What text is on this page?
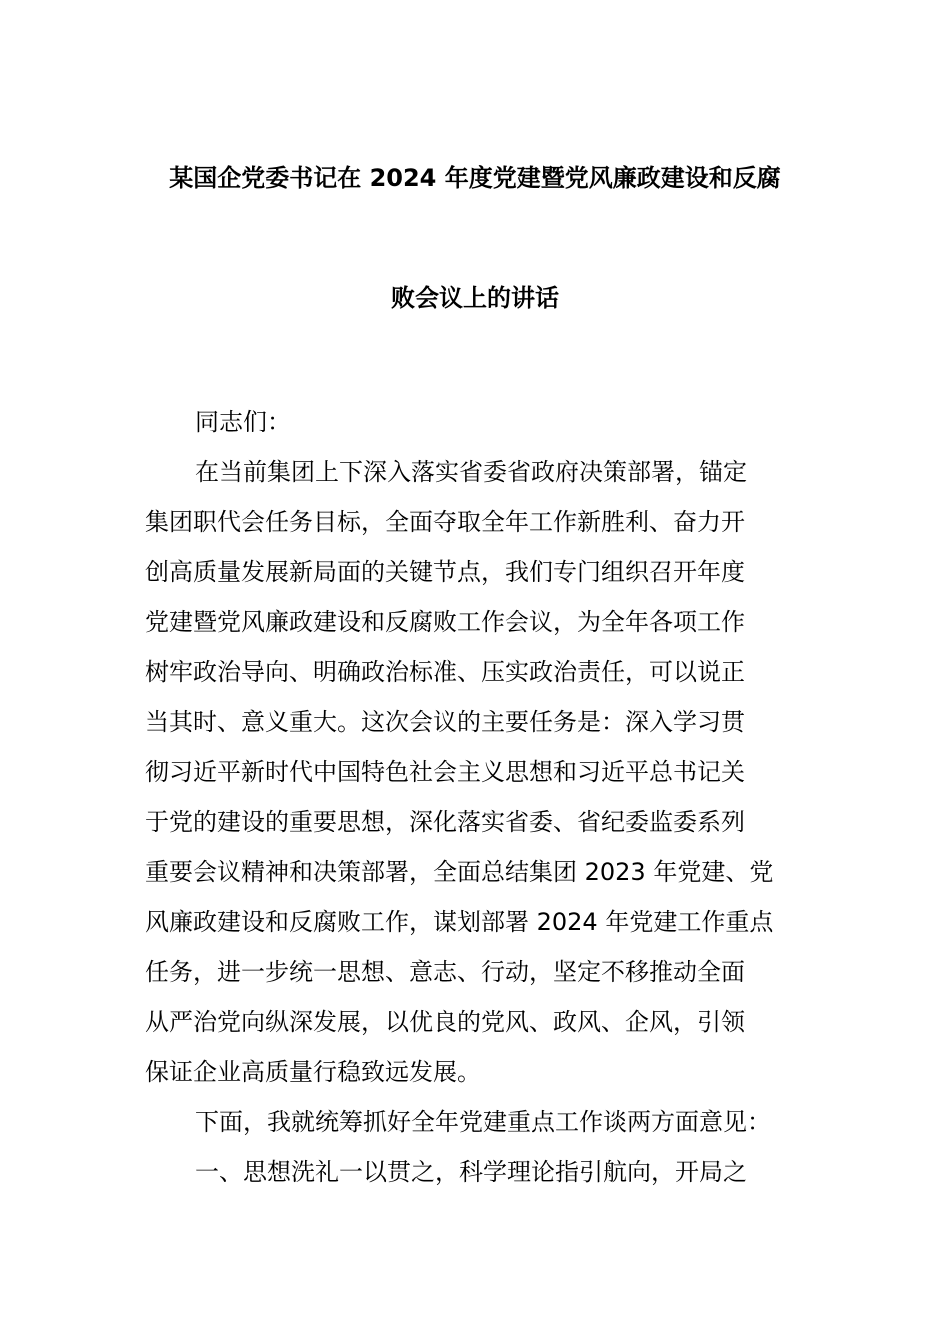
某国企党委书记在 2024 年度党建暨党风廉政建设和反腐
败会议上的讲话
同志们：
在当前集团上下深入落实省委省政府决策部署，锚定
集团职代会任务目标，全面夺取全年工作新胜利、奋力开
创高质量发展新局面的关键节点，我们专门组织召开年度
党建暨党风廉政建设和反腐败工作会议，为全年各项工作
树牢政治导向、明确政治标准、压实政治责任，可以说正
当其时、意义重大。这次会议的主要任务是：深入学习贯
彻习近平新时代中国特色社会主义思想和习近平总书记关
于党的建设的重要思想，深化落实省委、省纪委监委系列
重要会议精神和决策部署，全面总结集团 2023 年党建、党
风廉政建设和反腐败工作，谋划部署 2024 年党建工作重点
任务，进一步统一思想、意志、行动，坚定不移推动全面
从严治党向纵深发展，以优良的党风、政风、企风，引领
保证企业高质量行稳致远发展。
下面，我就统筹抓好全年党建重点工作谈两方面意见：
一、思想洗礼一以贯之，科学理论指引航向，开局之
